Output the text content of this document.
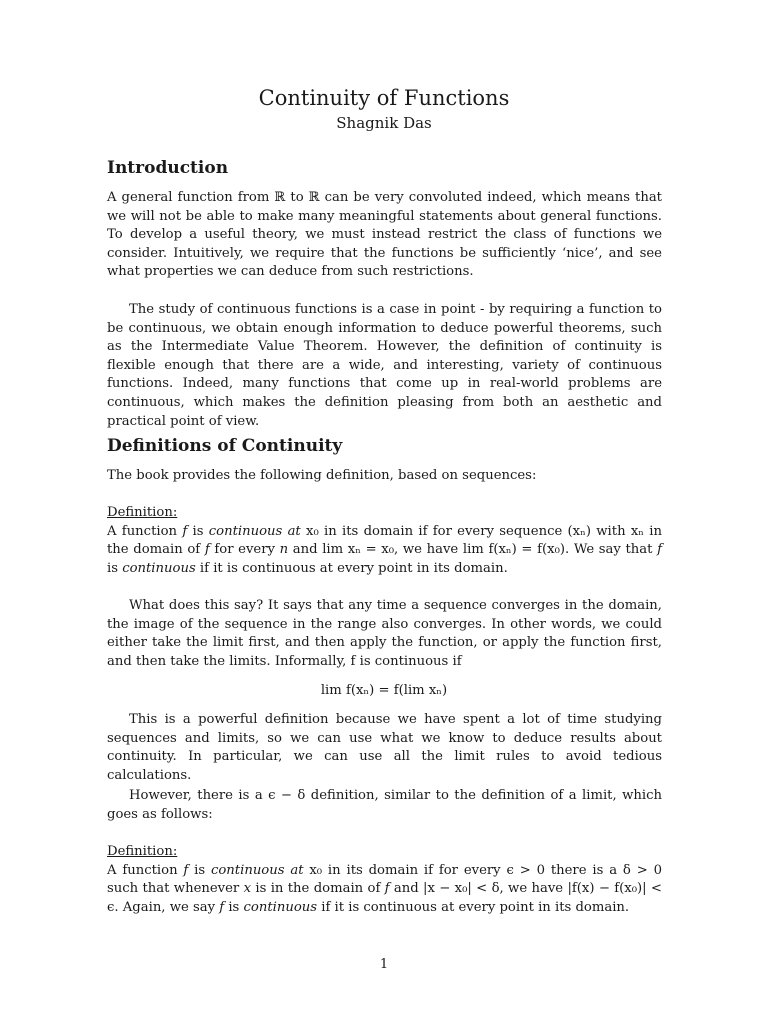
Continuity of Functions

Shagnik Das

Introduction

A general function from ℝ to ℝ can be very convoluted indeed, which means that we will not be able to make many meaningful statements about general functions. To develop a useful theory, we must instead restrict the class of functions we consider. Intuitively, we require that the functions be sufficiently ‘nice’, and see what properties we can deduce from such restrictions.

The study of continuous functions is a case in point - by requiring a function to be continuous, we obtain enough information to deduce powerful theorems, such as the Intermediate Value Theorem. However, the definition of continuity is flexible enough that there are a wide, and interesting, variety of continuous functions. Indeed, many functions that come up in real-world problems are continuous, which makes the definition pleasing from both an aesthetic and practical point of view.

Definitions of Continuity

The book provides the following definition, based on sequences:

Definition:
A function f is continuous at x₀ in its domain if for every sequence (xₙ) with xₙ in the domain of f for every n and lim xₙ = x₀, we have lim f(xₙ) = f(x₀). We say that f is continuous if it is continuous at every point in its domain.

What does this say? It says that any time a sequence converges in the domain, the image of the sequence in the range also converges. In other words, we could either take the limit first, and then apply the function, or apply the function first, and then take the limits. Informally, f is continuous if

lim f(xₙ) = f(lim xₙ)

This is a powerful definition because we have spent a lot of time studying sequences and limits, so we can use what we know to deduce results about continuity. In particular, we can use all the limit rules to avoid tedious calculations.

However, there is a ϵ − δ definition, similar to the definition of a limit, which goes as follows:

Definition:
A function f is continuous at x₀ in its domain if for every ϵ > 0 there is a δ > 0 such that whenever x is in the domain of f and |x − x₀| < δ, we have |f(x) − f(x₀)| < ϵ. Again, we say f is continuous if it is continuous at every point in its domain.

1
